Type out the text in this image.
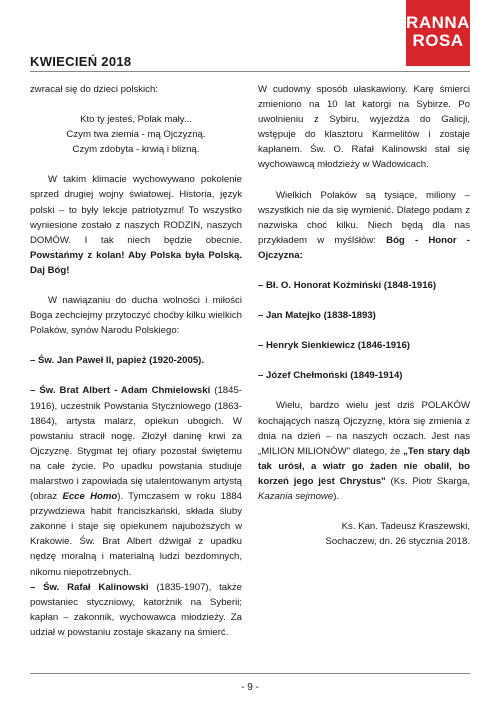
KWIECIEŃ 2018
RANNA
ROSA

zwracał się do dzieci polskich:

Kto ty jesteś, Polak mały...

Czym twa ziemia - mą Ojczyzną.

Czym zdobyta - krwią i blizną.

W takim klimacie wychowywano pokolenie sprzed drugiej wojny światowej. Historia, język polski – to były lekcje patriotyzmu! To wszystko wyniesione zostało z naszych RODZIN, naszych DOMÓW. I tak niech będzie obecnie. Powstańmy z kolan! Aby Polska była Polską. Daj Bóg!

W nawiązaniu do ducha wolności i miłości Boga zechciejmy przytoczyć choćby kilku wielkich Polaków, synów Narodu Polskiego:

– Św. Jan Paweł II, papież (1920-2005).

– Św. Brat Albert - Adam Chmielowski (1845-1916), uczestnik Powstania Styczniowego (1863-1864), artysta malarz, opiekun ubogich. W powstaniu stracił nogę. Złożył daninę krwi za Ojczyznę. Stygmat tej ofiary pozostał świętemu na całe życie. Po upadku powstania studiuje malarstwo i zapowiada się utalentowanym artystą (obraz Ecce Homo). Tymczasem w roku 1884 przywdziewa habit franciszkański, składa śluby zakonne i staje się opiekunem najuboższych w Krakowie. Św. Brat Albert dźwigał z upadku nędzę moralną i materialną ludzi bezdomnych, nikomu niepotrzebnych.

– Św. Rafał Kalinowski (1835-1907), także powstaniec styczniowy, katorżnik na Syberii; kapłan – zakonnik, wychowawca młodzieży. Za udział w powstaniu zostaje skazany na śmierć.

W cudowny sposób ułaskawiony. Karę śmierci zmieniono na 10 lat katorgi na Sybirze. Po uwolnieniu z Sybiru, wyjeżdża do Galicji, wstępuje do klasztoru Karmelitów i zostaje kapłanem. Św. O. Rafał Kalinowski stał się wychowawcą młodzieży w Wadowicach.

Wielkich Polaków są tysiące, miliony – wszystkich nie da się wymienić. Dlatego podam z nazwiska choć kilku. Niech będą dla nas przykładem w myślśłów: Bóg - Honor - Ojczyzna:

– Bł. O. Honorat Koźmiński (1848-1916)

– Jan Matejko (1838-1893)

– Henryk Sienkiewicz (1846-1916)

– Józef Chełmoński (1849-1914)

Wielu, bardzo wielu jest dziś POLAKÓW kochających naszą Ojczyznę, która się zmienia z dnia na dzień – na naszych oczach. Jest nas „MILION MILIONÓW" dlatego, że „Ten stary dąb tak urósł, a wiatr go żaden nie obalił, bo korzeń jego jest Chrystus" (Ks. Piotr Skarga, Kazania sejmowe).

Ks. Kan. Tadeusz Kraszewski,

Sochaczew, dn. 26 stycznia 2018.

- 9 -
